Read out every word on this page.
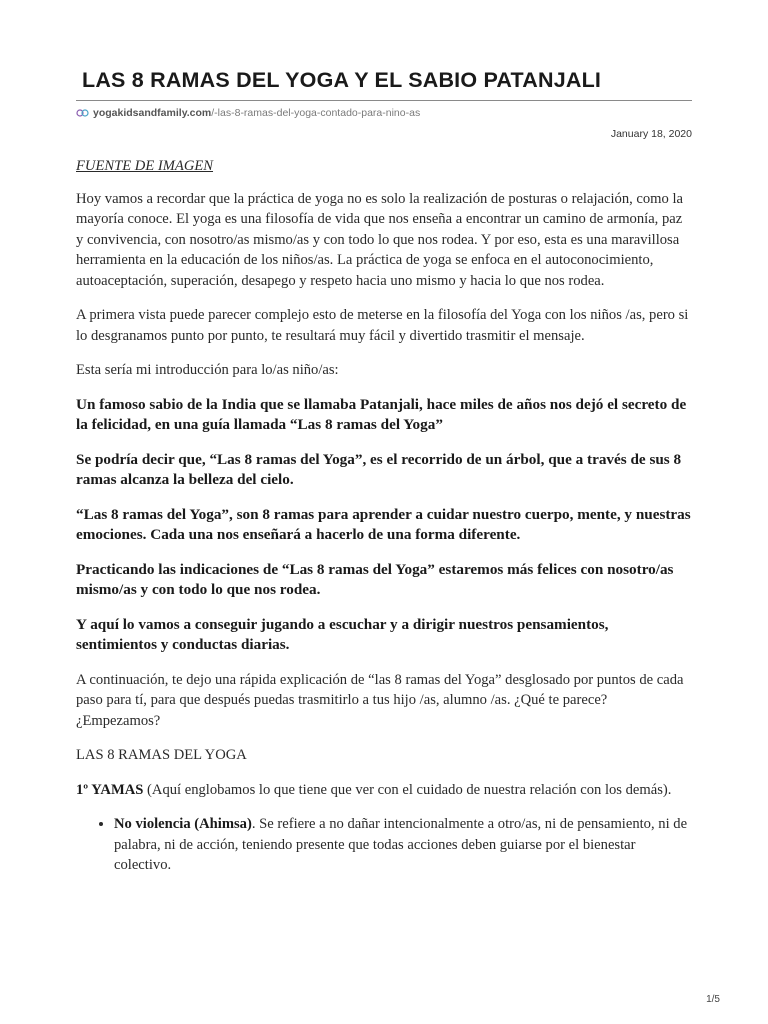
LAS 8 RAMAS DEL YOGA Y EL SABIO PATANJALI
yogakidsandfamily.com /-las-8-ramas-del-yoga-contado-para-nino-as
January 18, 2020

FUENTE DE IMAGEN

Hoy vamos a recordar que la práctica de yoga no es solo la realización de posturas o relajación, como la mayoría conoce. El yoga es una filosofía de vida que nos enseña a encontrar un camino de armonía, paz y convivencia, con nosotro/as mismo/as y con todo lo que nos rodea. Y por eso, esta es una maravillosa herramienta en la educación de los niños/as. La práctica de yoga se enfoca en el autoconocimiento, autoaceptación, superación, desapego y respeto hacia uno mismo y hacia lo que nos rodea.

A primera vista puede parecer complejo esto de meterse en la filosofía del Yoga con los niños /as, pero si lo desgranamos punto por punto, te resultará muy fácil y divertido trasmitir el mensaje.

Esta sería mi introducción para lo/as niño/as:

Un famoso sabio de la India que se llamaba Patanjali, hace miles de años nos dejó el secreto de la felicidad, en una guía llamada “Las 8 ramas del Yoga”

Se podría decir que, “Las 8 ramas del Yoga”, es el recorrido de un árbol, que a través de sus 8 ramas alcanza la belleza del cielo.

“Las 8 ramas del Yoga”, son 8 ramas para aprender a cuidar nuestro cuerpo, mente, y nuestras emociones. Cada una nos enseñará a hacerlo de una forma diferente.

Practicando las indicaciones de “Las 8 ramas del Yoga” estaremos más felices con nosotro/as mismo/as y con todo lo que nos rodea.

Y aquí lo vamos a conseguir jugando a escuchar y a dirigir nuestros pensamientos, sentimientos y conductas diarias.

A continuación, te dejo una rápida explicación de “las 8 ramas del Yoga” desglosado por puntos de cada paso para tí, para que después puedas trasmitirlo a tus hijo /as, alumno /as. ¿Qué te parece? ¿Empezamos?

LAS 8 RAMAS DEL YOGA

1º YAMAS (Aquí englobamos lo que tiene que ver con el cuidado de nuestra relación con los demás).

• No violencia (Ahimsa). Se refiere a no dañar intencionalmente a otro/as, ni de pensamiento, ni de palabra, ni de acción, teniendo presente que todas acciones deben guiarse por el bienestar colectivo.
1/5
